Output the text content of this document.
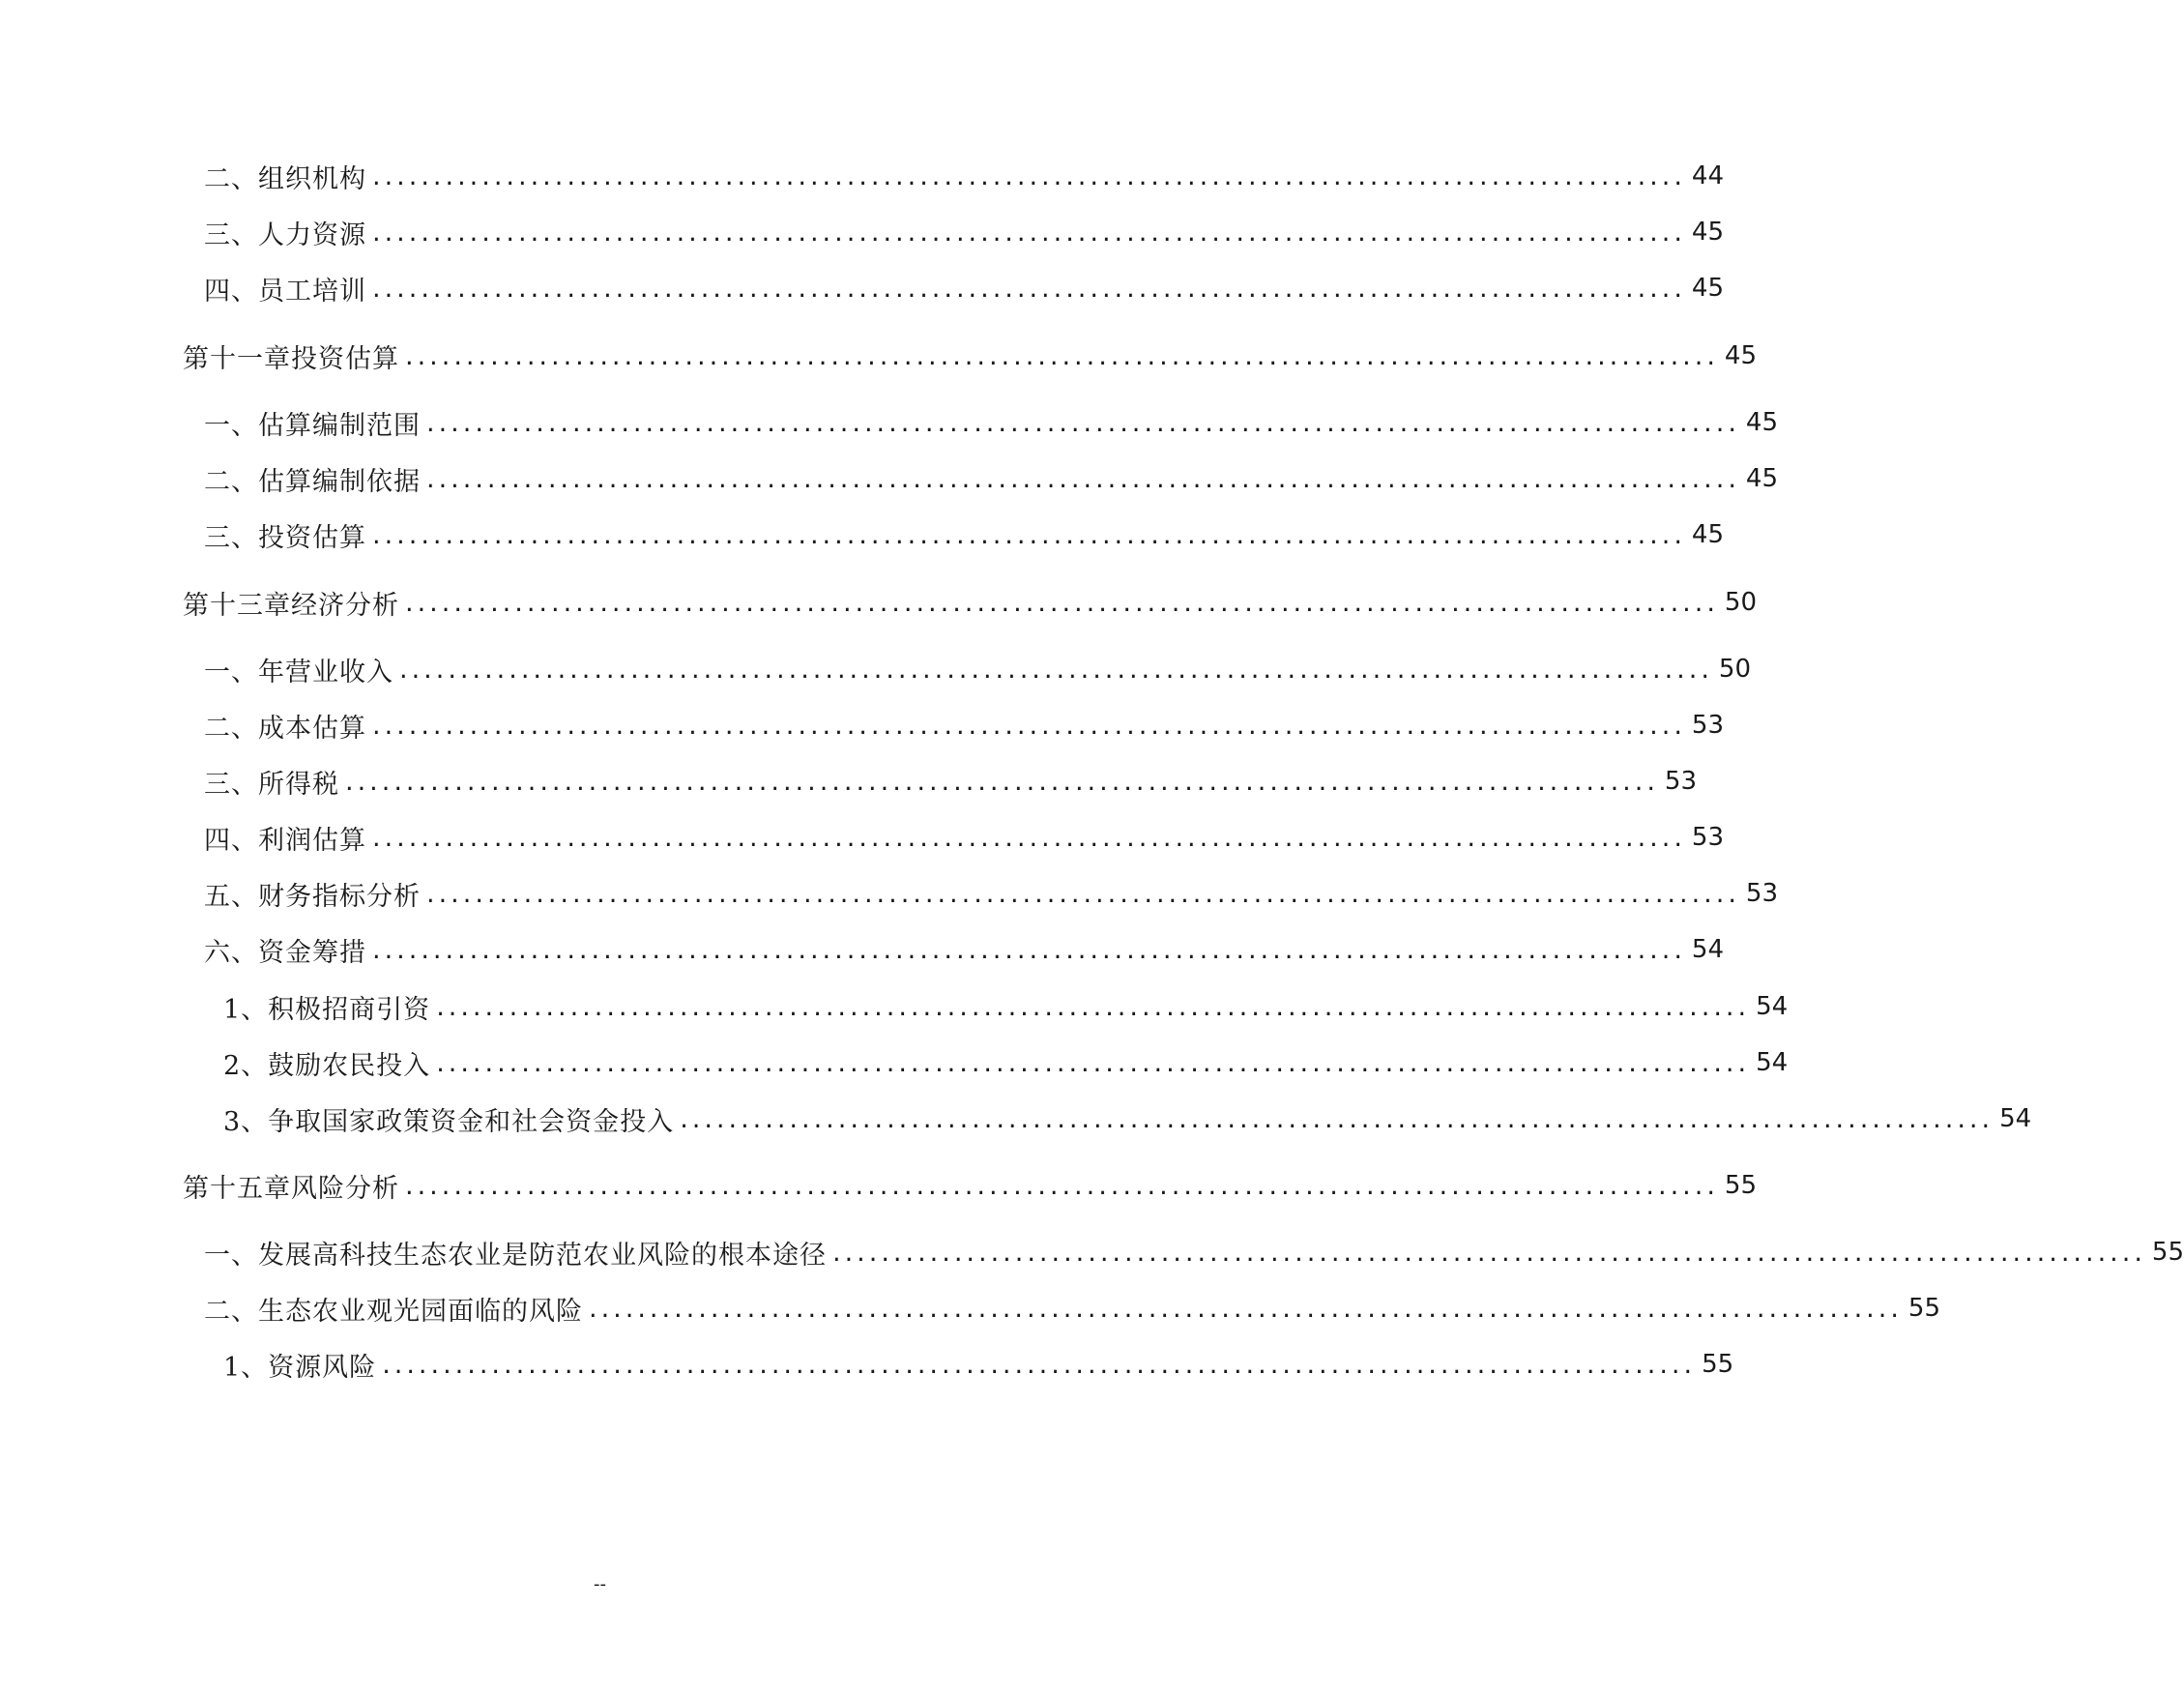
二、组织机构 ............................................................................................................ 44
三、人力资源 ............................................................................................................ 45
四、员工培训 ............................................................................................................ 45
第十一章 投资估算 ............................................................................................................ 45
一、估算编制范围 ............................................................................................................ 45
二、估算编制依据 ............................................................................................................ 45
三、投资估算 ............................................................................................................ 45
第十三章 经济分析 ............................................................................................................ 50
一、年营业收入 ............................................................................................................ 50
二、成本估算 ............................................................................................................ 53
三、所得税 ............................................................................................................ 53
四、利润估算 ............................................................................................................ 53
五、财务指标分析 ............................................................................................................ 53
六、资金筹措 ............................................................................................................ 54
1、积极招商引资 ............................................................................................................ 54
2、鼓励农民投入 ............................................................................................................ 54
3、争取国家政策资金和社会资金投入 ............................................................................................................ 54
第十五章 风险分析 ............................................................................................................ 55
一、发展高科技生态农业是防范农业风险的根本途径 ............................................................................................................ 55
二、生态农业观光园面临的风险 ............................................................................................................ 55
1、资源风险 ............................................................................................................ 55
--
